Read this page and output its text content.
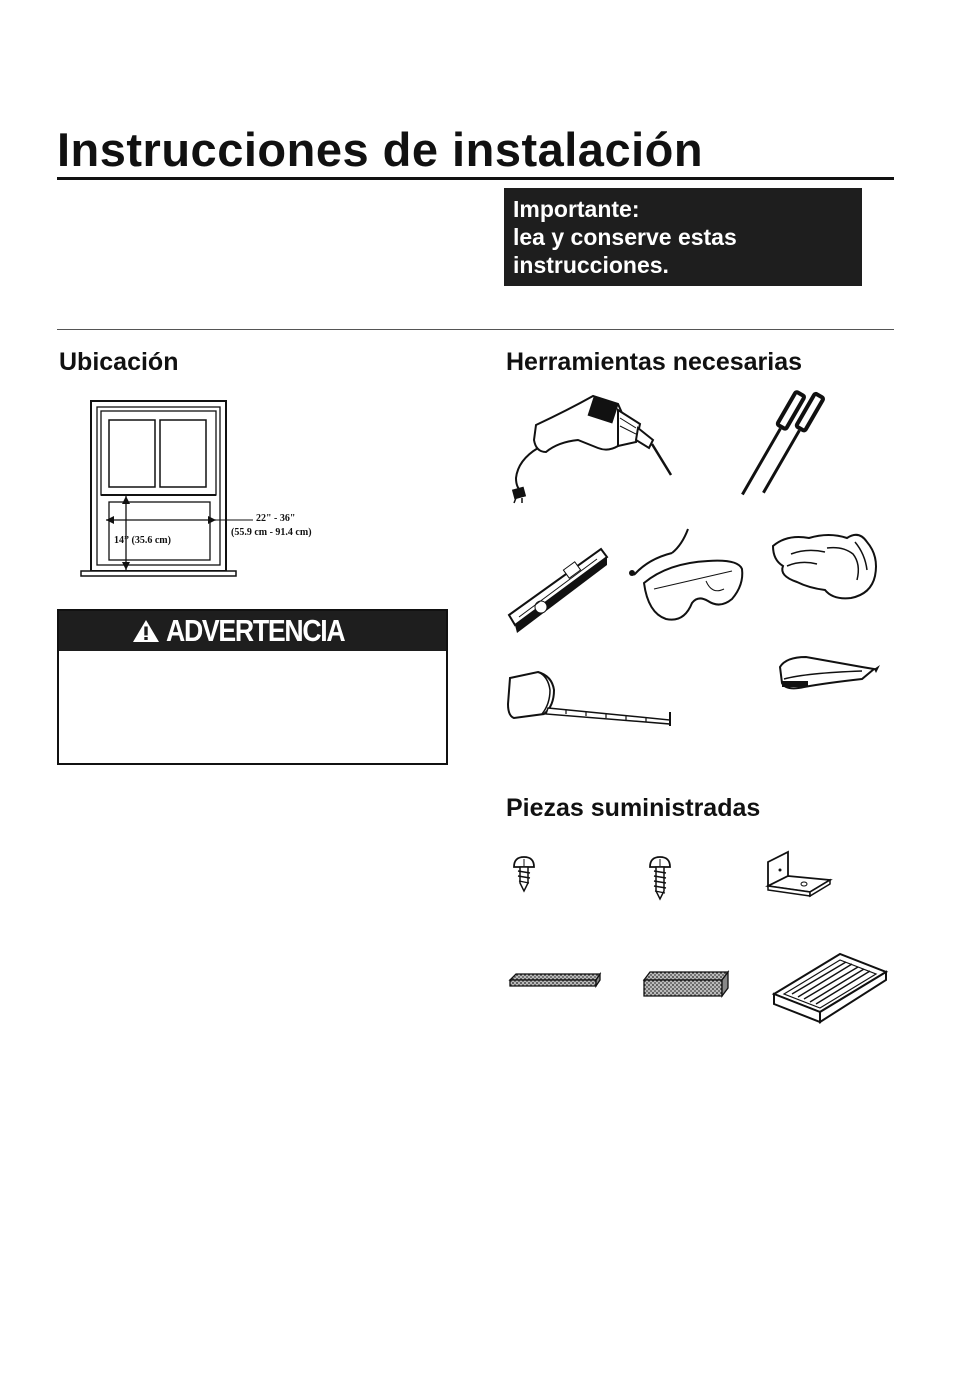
Instrucciones de instalación
Importante:
lea y conserve estas
instrucciones.
Ubicación
22" - 36"
(55.9 cm - 91.4 cm)
14” (35.6 cm)
ADVERTENCIA
Herramientas necesarias
Piezas suministradas
